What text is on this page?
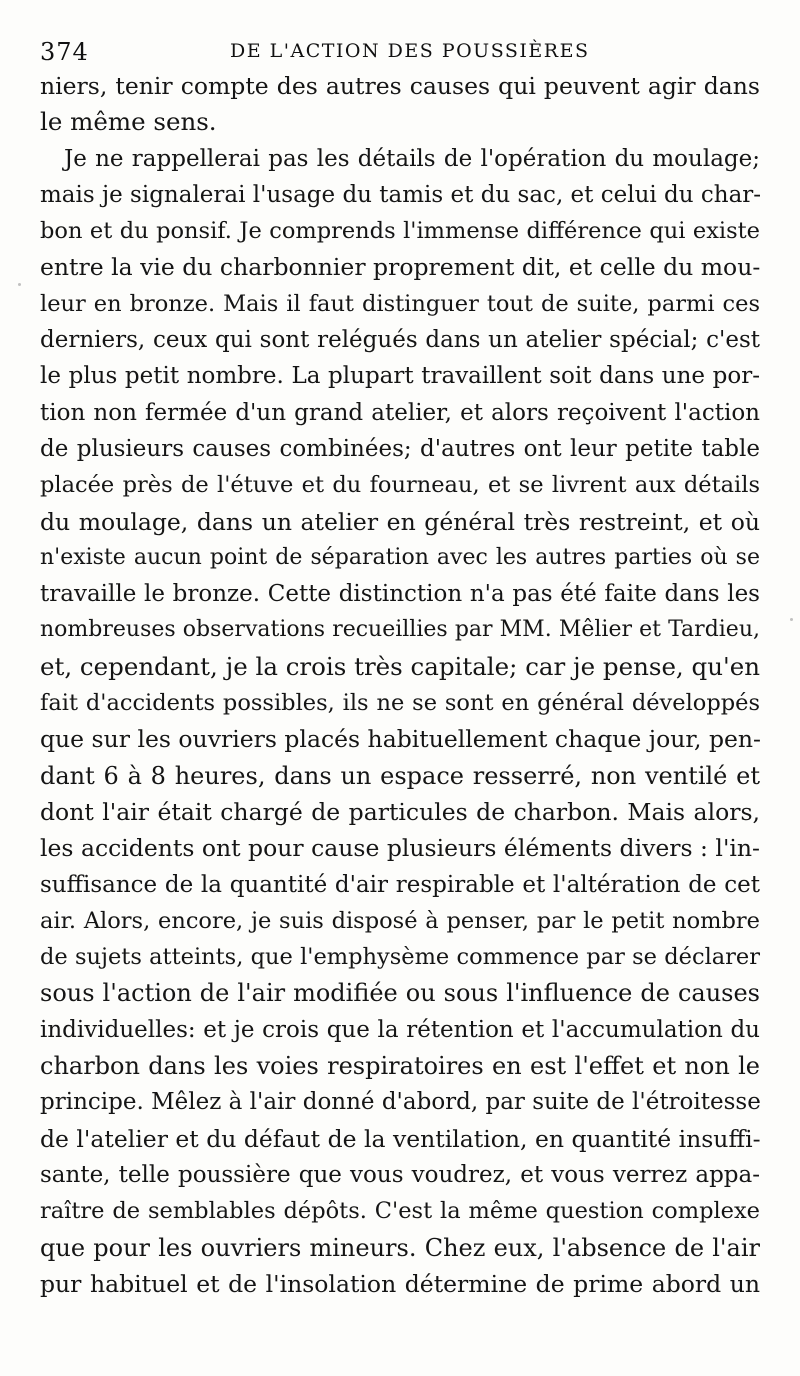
374	DE L'ACTION DES POUSSIÈRES
niers, tenir compte des autres causes qui peuvent agir dans
le même sens.
Je ne rappellerai pas les détails de l'opération du moulage;
mais je signalerai l'usage du tamis et du sac, et celui du char-
bon et du ponsif. Je comprends l'immense différence qui existe
entre la vie du charbonnier proprement dit, et celle du mou-
leur en bronze. Mais il faut distinguer tout de suite, parmi ces
derniers, ceux qui sont relégués dans un atelier spécial; c'est
le plus petit nombre. La plupart travaillent soit dans une por-
tion non fermée d'un grand atelier, et alors reçoivent l'action
de plusieurs causes combinées; d'autres ont leur petite table
placée près de l'étuve et du fourneau, et se livrent aux détails
du moulage, dans un atelier en général très restreint, et où
n'existe aucun point de séparation avec les autres parties où se
travaille le bronze. Cette distinction n'a pas été faite dans les
nombreuses observations recueillies par MM. Mêlier et Tardieu,
et, cependant, je la crois très capitale; car je pense, qu'en
fait d'accidents possibles, ils ne se sont en général développés
que sur les ouvriers placés habituellement chaque jour, pen-
dant 6 à 8 heures, dans un espace resserré, non ventilé et
dont l'air était chargé de particules de charbon. Mais alors,
les accidents ont pour cause plusieurs éléments divers : l'in-
suffisance de la quantité d'air respirable et l'altération de cet
air. Alors, encore, je suis disposé à penser, par le petit nombre
de sujets atteints, que l'emphysème commence par se déclarer
sous l'action de l'air modifiée ou sous l'influence de causes
individuelles: et je crois que la rétention et l'accumulation du
charbon dans les voies respiratoires en est l'effet et non le
principe. Mêlez à l'air donné d'abord, par suite de l'étroitesse
de l'atelier et du défaut de la ventilation, en quantité insuffi-
sante, telle poussière que vous voudrez, et vous verrez appa-
raître de semblables dépôts. C'est la même question complexe
que pour les ouvriers mineurs. Chez eux, l'absence de l'air
pur habituel et de l'insolation détermine de prime abord un
